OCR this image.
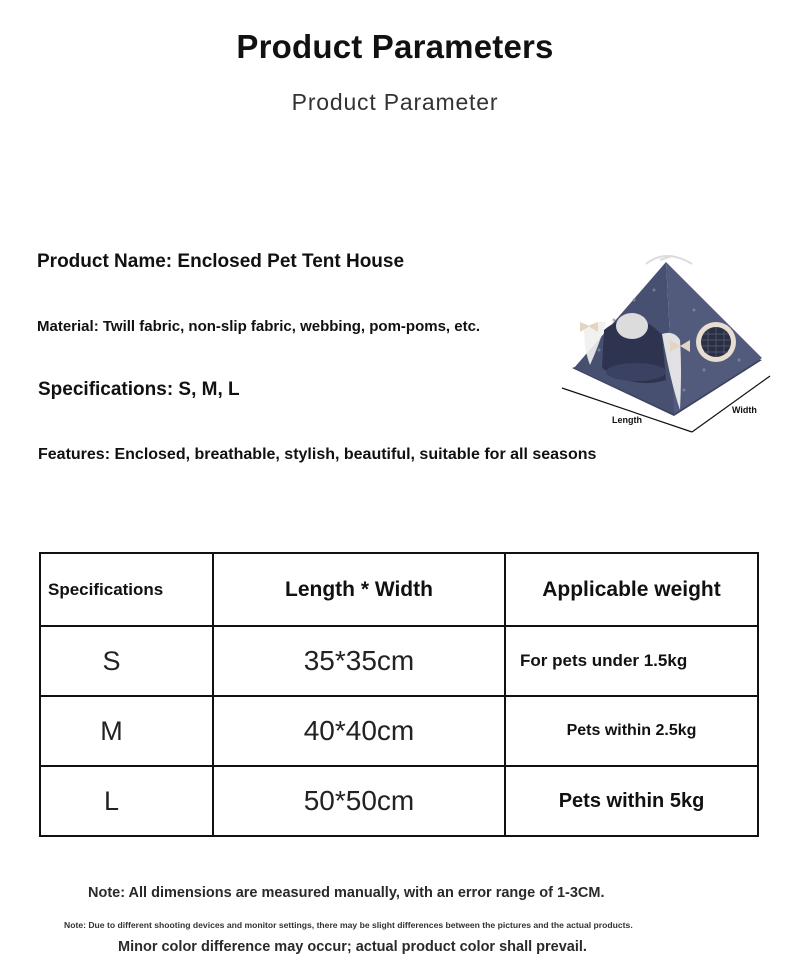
Product Parameters
Product Parameter
Product Name: Enclosed Pet Tent House
Material: Twill fabric, non-slip fabric, webbing, pom-poms, etc.
Specifications: S, M, L
Features: Enclosed, breathable, stylish, beautiful, suitable for all seasons
Length
Width
Specifications	Length * Width	Applicable weight
S	35*35cm	For pets under 1.5kg
M	40*40cm	Pets within 2.5kg
L	50*50cm	Pets within 5kg
Note: All dimensions are measured manually, with an error range of 1-3CM.
Note: Due to different shooting devices and monitor settings, there may be slight differences between the pictures and the actual products.
Minor color difference may occur; actual product color shall prevail.
